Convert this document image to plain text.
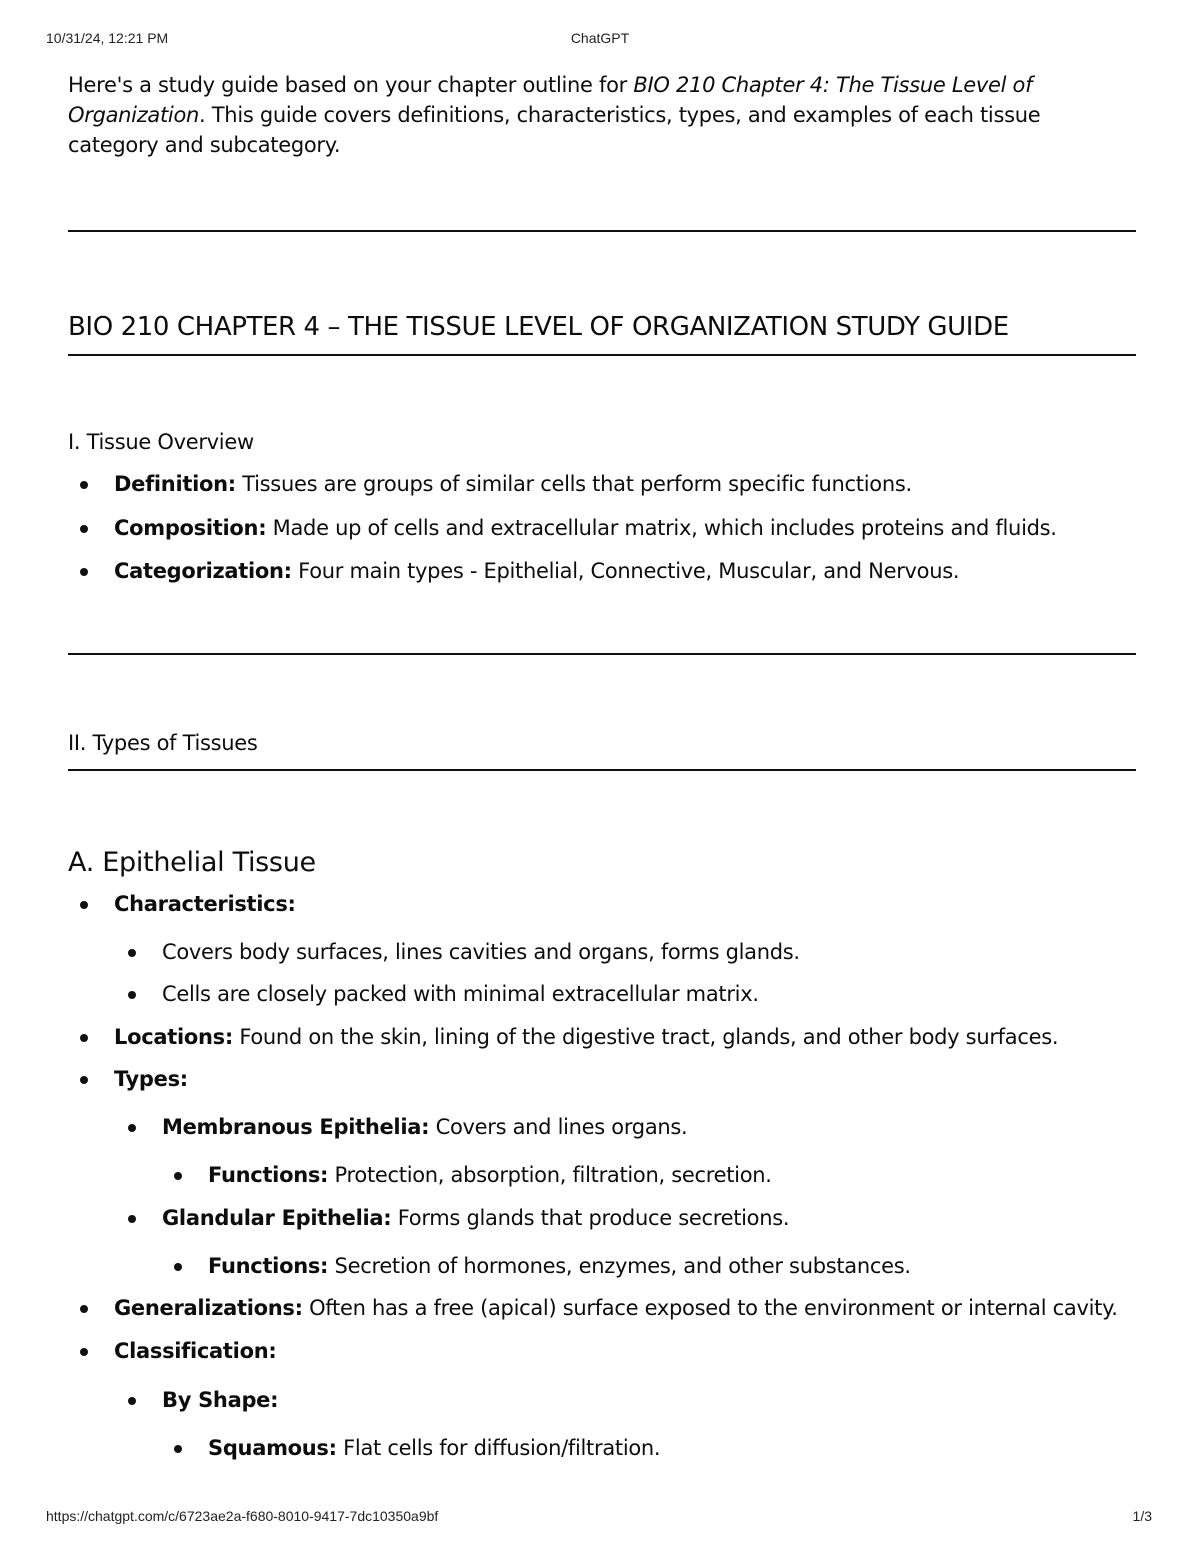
10/31/24, 12:21 PM	ChatGPT

Here's a study guide based on your chapter outline for BIO 210 Chapter 4: The Tissue Level of Organization. This guide covers definitions, characteristics, types, and examples of each tissue category and subcategory.

BIO 210 CHAPTER 4 – THE TISSUE LEVEL OF ORGANIZATION STUDY GUIDE
I. Tissue Overview
Definition: Tissues are groups of similar cells that perform specific functions.
Composition: Made up of cells and extracellular matrix, which includes proteins and fluids.
Categorization: Four main types - Epithelial, Connective, Muscular, and Nervous.
II. Types of Tissues
A. Epithelial Tissue
Characteristics:
Covers body surfaces, lines cavities and organs, forms glands.
Cells are closely packed with minimal extracellular matrix.
Locations: Found on the skin, lining of the digestive tract, glands, and other body surfaces.
Types:
Membranous Epithelia: Covers and lines organs.
Functions: Protection, absorption, filtration, secretion.
Glandular Epithelia: Forms glands that produce secretions.
Functions: Secretion of hormones, enzymes, and other substances.
Generalizations: Often has a free (apical) surface exposed to the environment or internal cavity.
Classification:
By Shape:
Squamous: Flat cells for diffusion/filtration.
https://chatgpt.com/c/6723ae2a-f680-8010-9417-7dc10350a9bf	1/3
